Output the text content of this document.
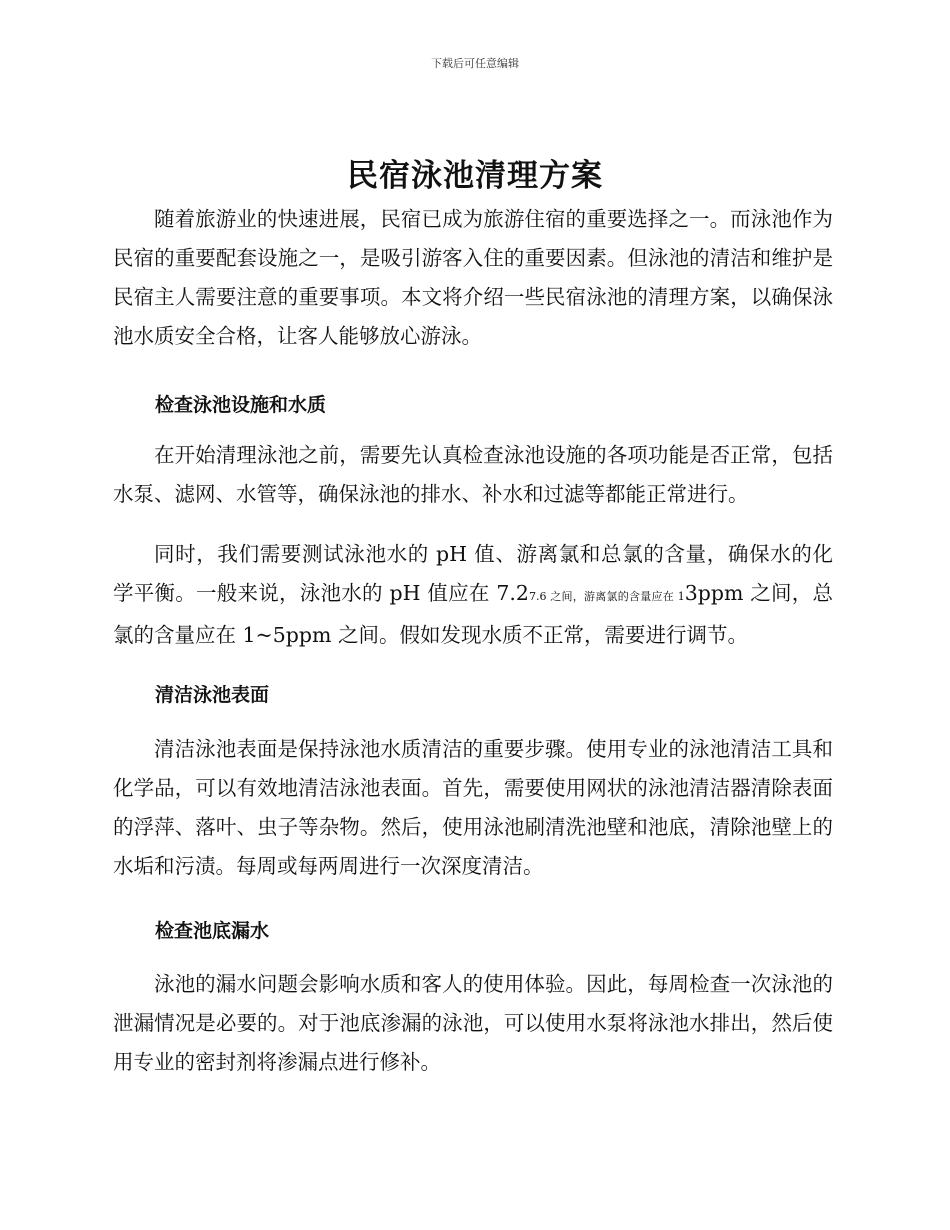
下载后可任意编辑
民宿泳池清理方案

随着旅游业的快速进展，民宿已成为旅游住宿的重要选择之一。而泳池作为民宿的重要配套设施之一，是吸引游客入住的重要因素。但泳池的清洁和维护是民宿主人需要注意的重要事项。本文将介绍一些民宿泳池的清理方案，以确保泳池水质安全合格，让客人能够放心游泳。

检查泳池设施和水质

在开始清理泳池之前，需要先认真检查泳池设施的各项功能是否正常，包括水泵、滤网、水管等，确保泳池的排水、补水和过滤等都能正常进行。

同时，我们需要测试泳池水的 pH 值、游离氯和总氯的含量，确保水的化学平衡。一般来说，泳池水的 pH 值应在 7.27.6 之间，游离氯的含量应在 13ppm 之间，总氯的含量应在 1~5ppm 之间。假如发现水质不正常，需要进行调节。

清洁泳池表面

清洁泳池表面是保持泳池水质清洁的重要步骤。使用专业的泳池清洁工具和化学品，可以有效地清洁泳池表面。首先，需要使用网状的泳池清洁器清除表面的浮萍、落叶、虫子等杂物。然后，使用泳池刷清洗池壁和池底，清除池壁上的水垢和污渍。每周或每两周进行一次深度清洁。

检查池底漏水

泳池的漏水问题会影响水质和客人的使用体验。因此，每周检查一次泳池的泄漏情况是必要的。对于池底渗漏的泳池，可以使用水泵将泳池水排出，然后使用专业的密封剂将渗漏点进行修补。
